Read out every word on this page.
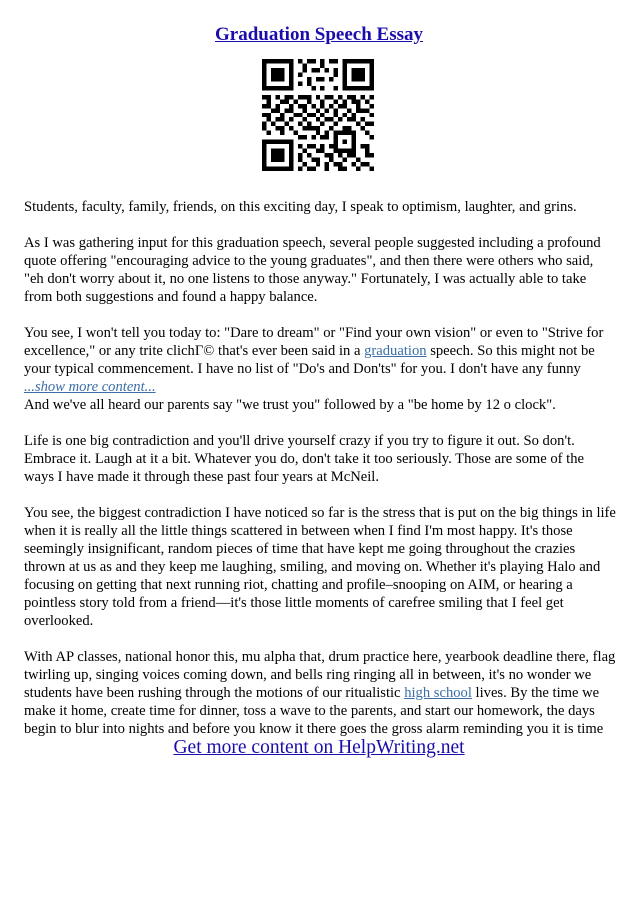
Graduation Speech Essay

Students, faculty, family, friends, on this exciting day, I speak to optimism, laughter, and grins.

As I was gathering input for this graduation speech, several people suggested including a profound quote offering "encouraging advice to the young graduates", and then there were others who said, "eh don't worry about it, no one listens to those anyway." Fortunately, I was actually able to take from both suggestions and found a happy balance.

You see, I won't tell you today to: "Dare to dream" or "Find your own vision" or even to "Strive for excellence," or any trite clichΓ© that's ever been said in a graduation speech. So this might not be your typical commencement. I have no list of "Do's and Don'ts" for you. I don't have any funny

...show more content...

And we've all heard our parents say "we trust you" followed by a "be home by 12 o clock".

Life is one big contradiction and you'll drive yourself crazy if you try to figure it out. So don't. Embrace it. Laugh at it a bit. Whatever you do, don't take it too seriously. Those are some of the ways I have made it through these past four years at McNeil.

You see, the biggest contradiction I have noticed so far is the stress that is put on the big things in life when it is really all the little things scattered in between when I find I'm most happy. It's those seemingly insignificant, random pieces of time that have kept me going throughout the crazies thrown at us as and they keep me laughing, smiling, and moving on. Whether it's playing Halo and focusing on getting that next running riot, chatting and profile–snooping on AIM, or hearing a pointless story told from a friend—it's those little moments of carefree smiling that I feel get overlooked.

With AP classes, national honor this, mu alpha that, drum practice here, yearbook deadline there, flag twirling up, singing voices coming down, and bells ring ringing all in between, it's no wonder we students have been rushing through the motions of our ritualistic high school lives. By the time we make it home, create time for dinner, toss a wave to the parents, and start our homework, the days begin to blur into nights and before you know it there goes the gross alarm reminding you it is time

Get more content on HelpWriting.net
